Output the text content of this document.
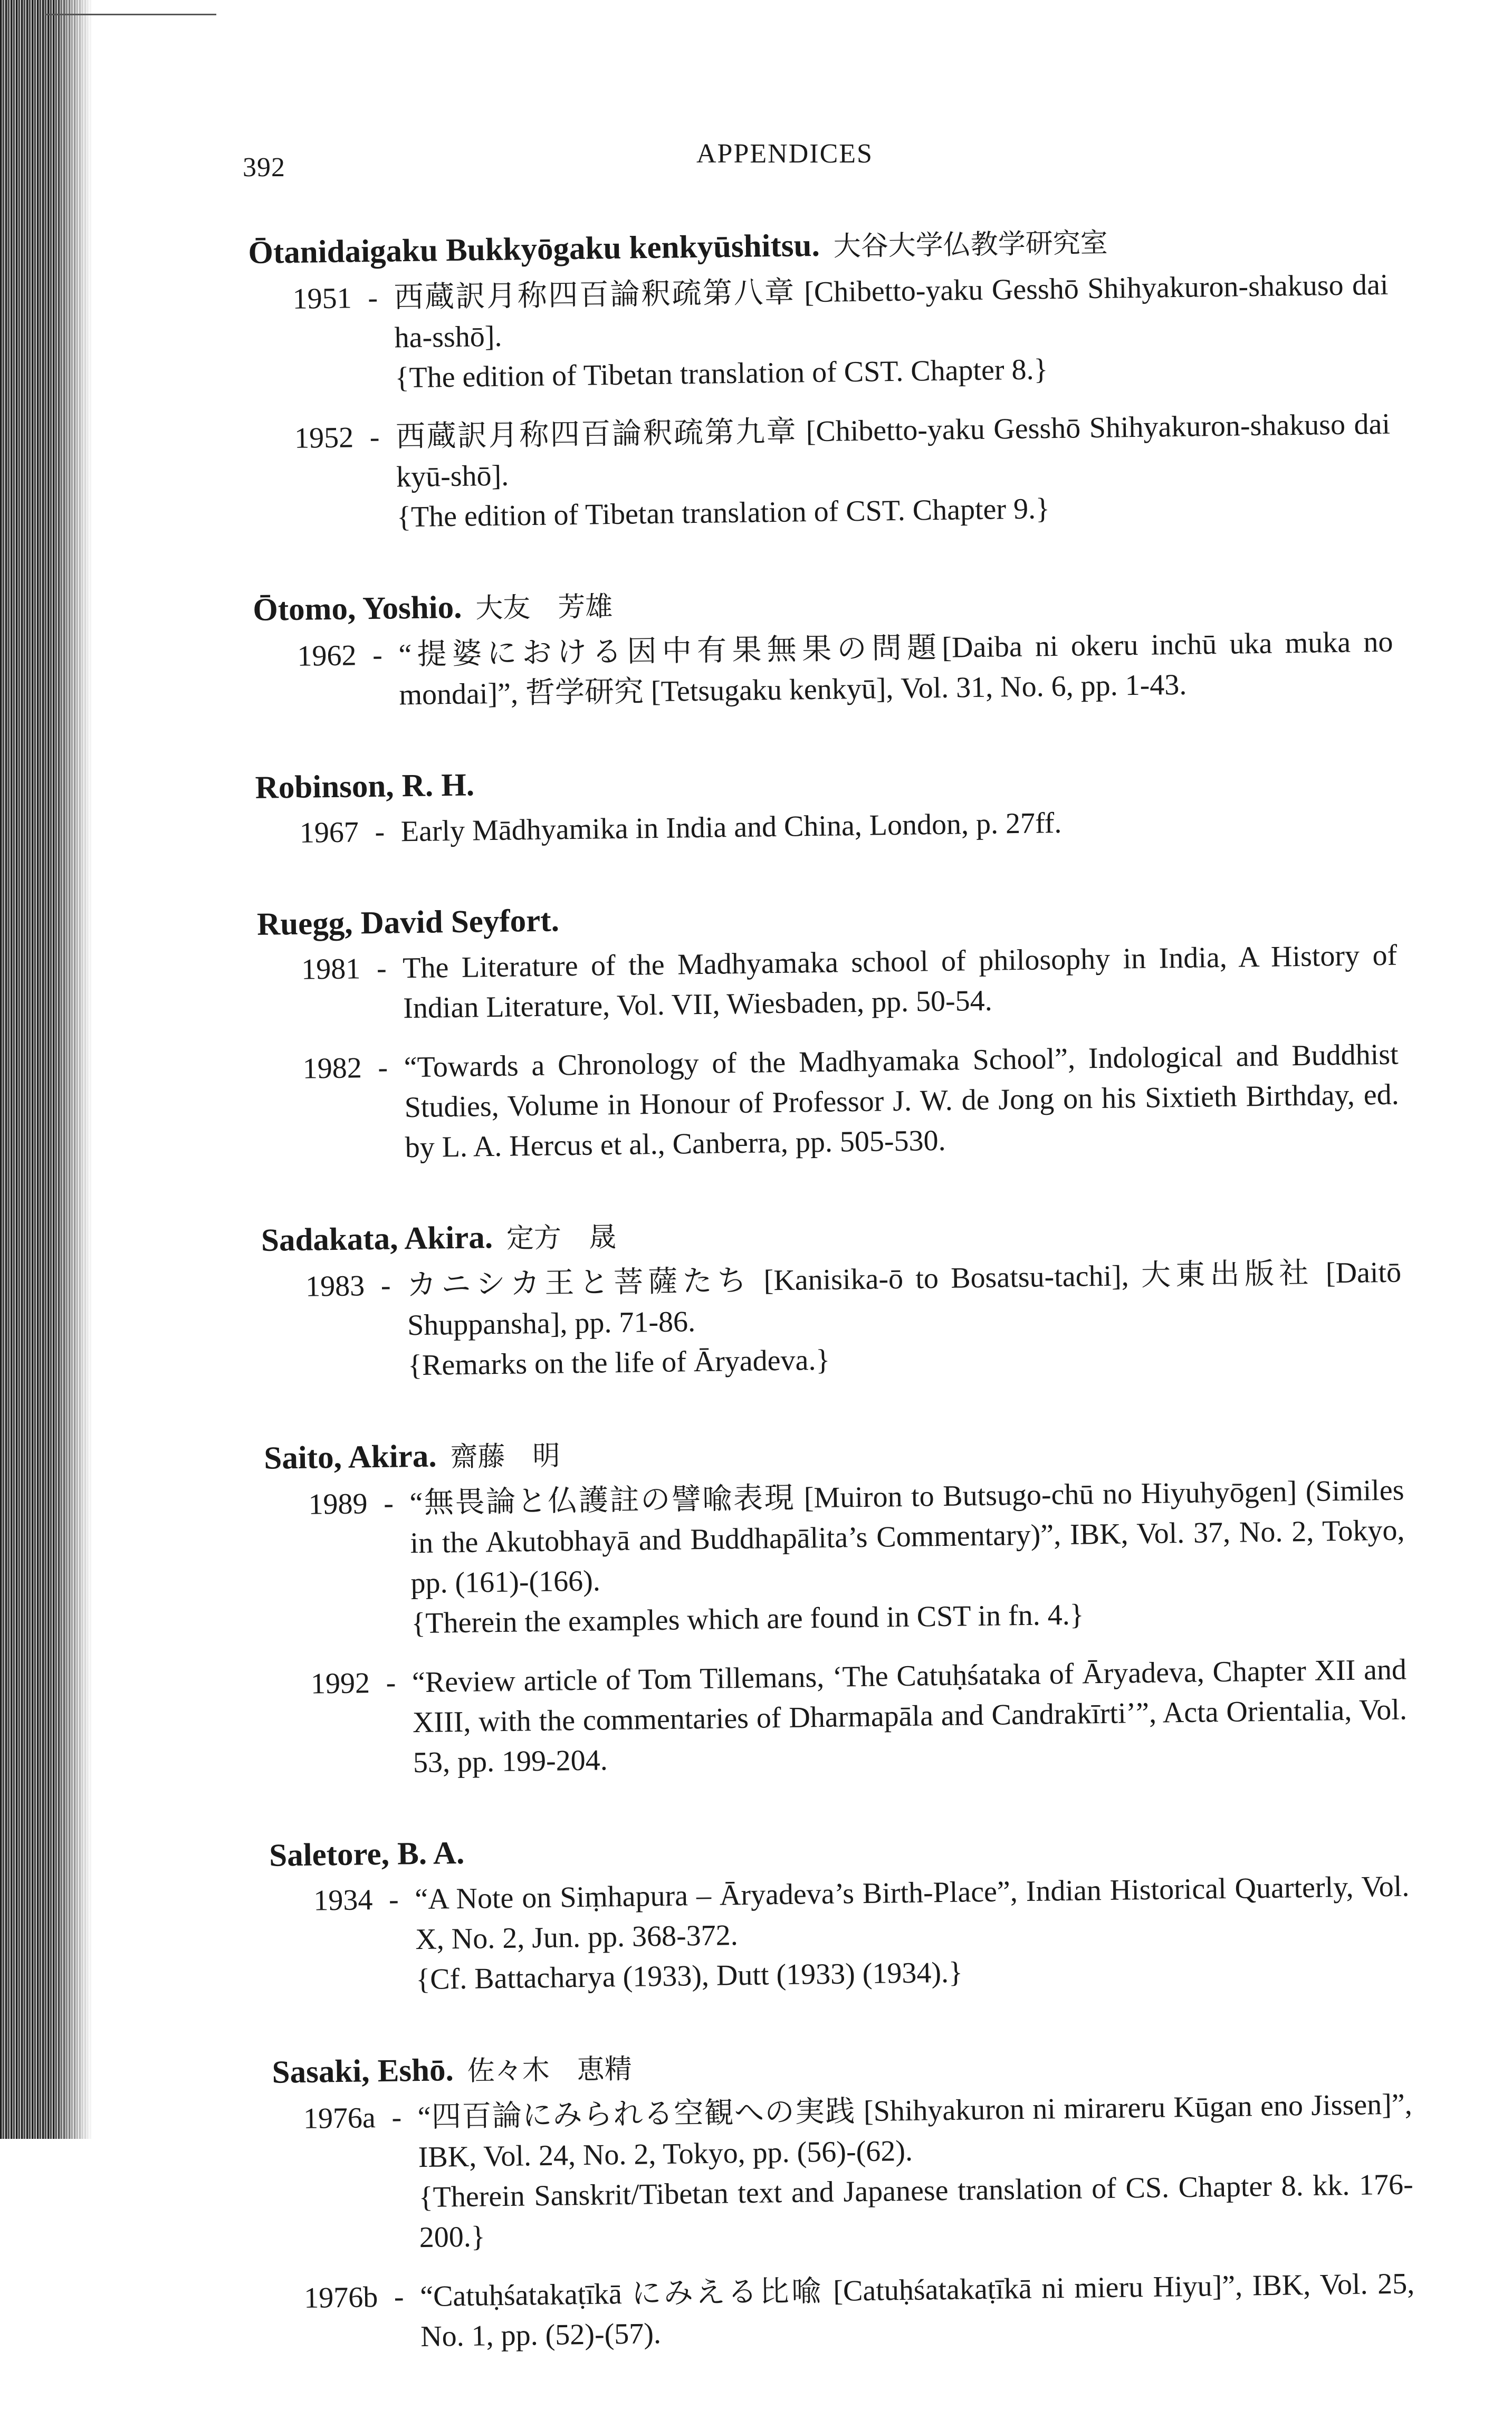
392	APPENDICES
Ōtanidaigaku Bukkyōgaku kenkyūshitsu. 大谷大学仏教学研究室
1951 - 西蔵訳月称四百論釈疏第八章 [Chibetto-yaku Gesshō Shihyakuron-shakuso dai ha-sshō].

{The edition of Tibetan translation of CST. Chapter 8.}

1952 - 西蔵訳月称四百論釈疏第九章 [Chibetto-yaku Gesshō Shihyakuron-shakuso dai kyū-shō].

{The edition of Tibetan translation of CST. Chapter 9.}

Ōtomo, Yoshio. 大友　芳雄
1962 - “提婆における因中有果無果の問題[Daiba ni okeru inchū uka muka no mondai]”, 哲学研究 [Tetsugaku kenkyū], Vol. 31, No. 6, pp. 1-43.

Robinson, R. H.
1967 - Early Mādhyamika in India and China, London, p. 27ff.

Ruegg, David Seyfort.
1981 - The Literature of the Madhyamaka school of philosophy in India, A History of Indian Literature, Vol. VII, Wiesbaden, pp. 50-54.

1982 - “Towards a Chronology of the Madhyamaka School”, Indological and Buddhist Studies, Volume in Honour of Professor J. W. de Jong on his Sixtieth Birthday, ed. by L. A. Hercus et al., Canberra, pp. 505-530.

Sadakata, Akira. 定方　晟
1983 - カニシカ王と菩薩たち [Kanisika-ō to Bosatsu-tachi], 大東出版社 [Daitō Shuppansha], pp. 71-86.

{Remarks on the life of Āryadeva.}

Saito, Akira. 齋藤　明
1989 - “無畏論と仏護註の譬喩表現 [Muiron to Butsugo-chū no Hiyuhyōgen] (Similes in the Akutobhayā and Buddhapālita’s Commentary)”, IBK, Vol. 37, No. 2, Tokyo, pp. (161)-(166).

{Therein the examples which are found in CST in fn. 4.}

1992 - “Review article of Tom Tillemans, ‘The Catuḥśataka of Āryadeva, Chapter XII and XIII, with the commentaries of Dharmapāla and Candrakīrti’”, Acta Orientalia, Vol. 53, pp. 199-204.

Saletore, B. A.
1934 - “A Note on Siṃhapura – Āryadeva’s Birth-Place”, Indian Historical Quarterly, Vol. X, No. 2, Jun. pp. 368-372.

{Cf. Battacharya (1933), Dutt (1933) (1934).}

Sasaki, Eshō. 佐々木　恵精
1976a - “四百論にみられる空観への実践 [Shihyakuron ni mirareru Kūgan eno Jissen]”, IBK, Vol. 24, No. 2, Tokyo, pp. (56)-(62).

{Therein Sanskrit/Tibetan text and Japanese translation of CS. Chapter 8. kk. 176-200.}

1976b - “Catuḥśatakaṭīkā にみえる比喩 [Catuḥśatakaṭīkā ni mieru Hiyu]”, IBK, Vol. 25, No. 1, pp. (52)-(57).
